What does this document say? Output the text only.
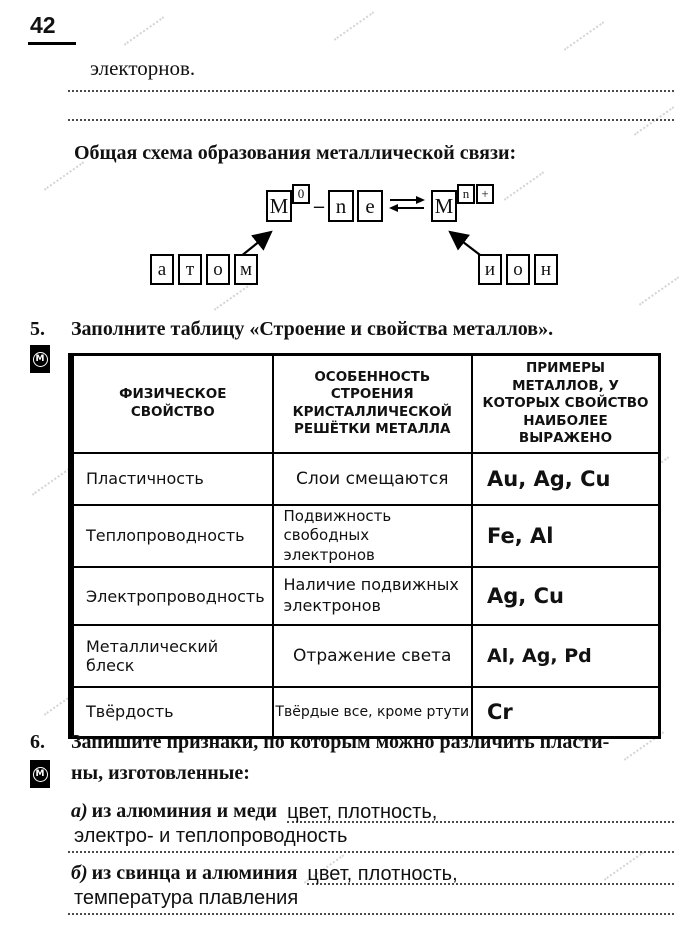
42
электорнов.
Общая схема образования металлической связи:
M 0
– n e ⇌ M n +
а	т	о м	и о н
5. Заполните таблицу «Строение и свойства металлов».
М
ФИЗИЧЕСКОЕ СВОЙСТВО	ОСОБЕННОСТЬ СТРОЕНИЯ КРИСТАЛЛИЧЕСКОЙ РЕШЁТКИ МЕТАЛЛА	ПРИМЕРЫ МЕТАЛЛОВ, У КОТОРЫХ СВОЙСТВО НАИБОЛЕЕ ВЫРАЖЕНО
Пластичность	Слои смещаются	Au, Ag, Cu
Теплопроводность	Подвижность свободных электронов	Fe, Al
Электропроводность	Наличие подвижных электронов	Ag, Cu
Металлический блеск	Отражение света	Al, Ag, Pd
Твёрдость	Твёрдые все, кроме ртути	Cr
6. Запишите признаки, по которым можно различить пласти-
ны, изготовленные:
М
а) из алюминия и меди цвет, плотность,
электро- и теплопроводность
б) из свинца и алюминия цвет, плотность,
температура плавления
